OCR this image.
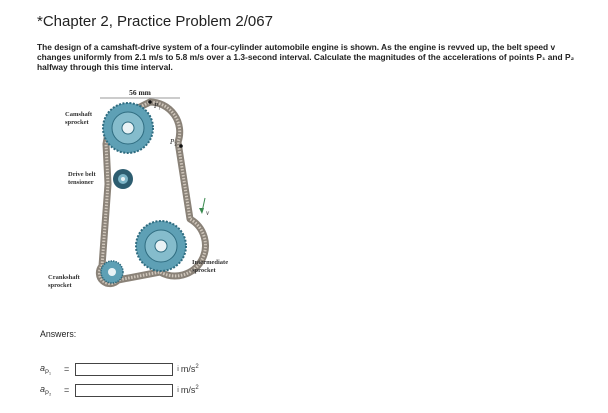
*Chapter 2, Practice Problem 2/067
The design of a camshaft-drive system of a four-cylinder automobile engine is shown. As the engine is revved up, the belt speed v changes uniformly from 2.1 m/s to 5.8 m/s over a 1.3-second interval. Calculate the magnitudes of the accelerations of points P₁ and P₂ halfway through this time interval.
56 mm
P₁
P₂
v
Camshaft
sprocket
Drive belt
tensioner
Crankshaft
sprocket
Intermediate
sprocket
Answers:
$a_{P_1}$	=	i $m/s^2$
$a_{P_2}$	=	i $m/s^2$
